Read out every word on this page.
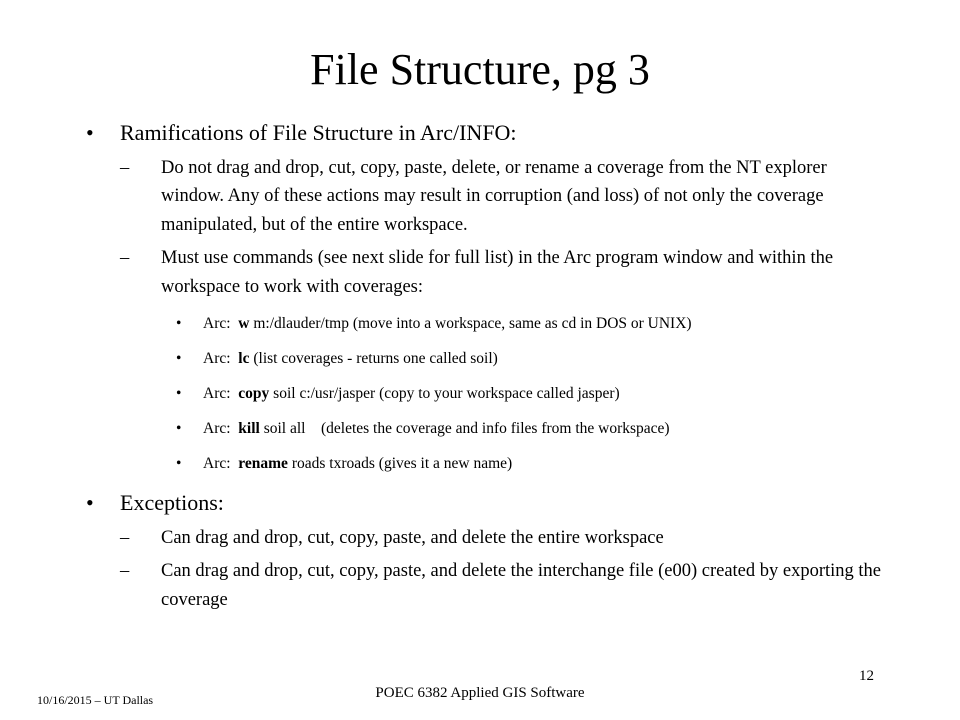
File Structure, pg 3
• Ramifications of File Structure in Arc/INFO:
– Do not drag and drop, cut, copy, paste, delete, or rename a coverage from the NT explorer window. Any of these actions may result in corruption (and loss) of not only the coverage manipulated, but of the entire workspace.
– Must use commands (see next slide for full list) in the Arc program window and within the workspace to work with coverages:
• Arc: w m:/dlauder/tmp (move into a workspace, same as cd in DOS or UNIX)
• Arc: lc (list coverages - returns one called soil)
• Arc: copy soil c:/usr/jasper (copy to your workspace called jasper)
• Arc: kill soil all    (deletes the coverage and info files from the workspace)
• Arc: rename roads txroads (gives it a new name)
• Exceptions:
– Can drag and drop, cut, copy, paste, and delete the entire workspace
– Can drag and drop, cut, copy, paste, and delete the interchange file (e00) created by exporting the coverage
12
POEC 6382 Applied GIS Software
10/16/2015 – UT Dallas
